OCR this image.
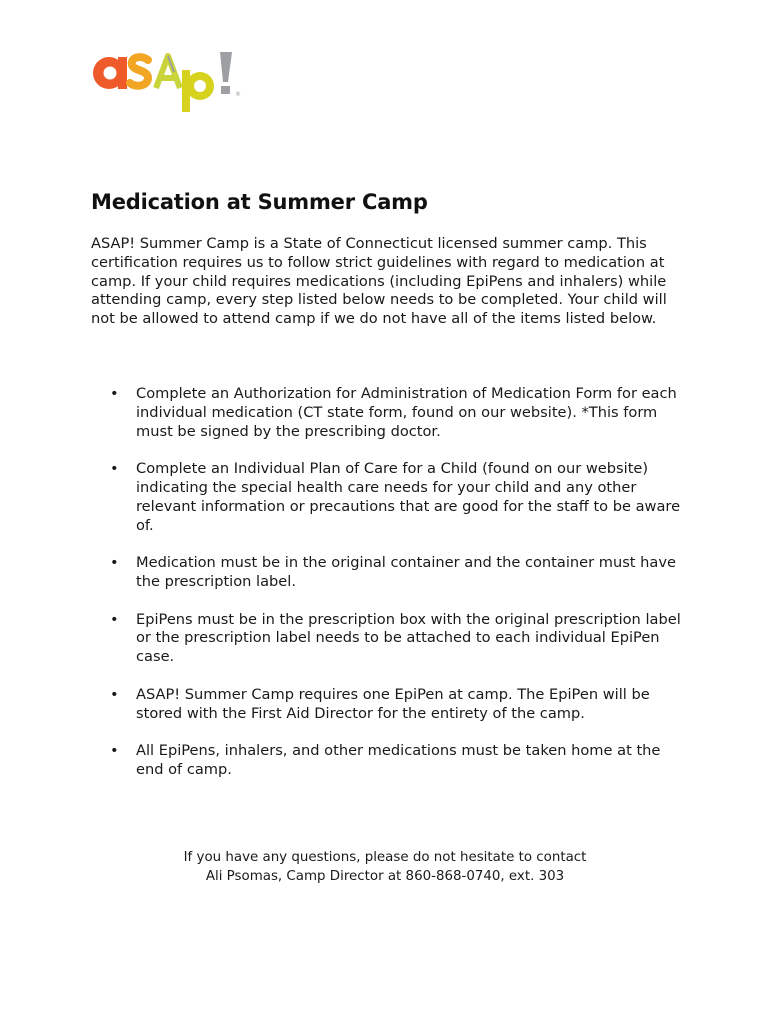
®
Medication at Summer Camp

ASAP! Summer Camp is a State of Connecticut licensed summer camp. This certification requires us to follow strict guidelines with regard to medication at camp. If your child requires medications (including EpiPens and inhalers) while attending camp, every step listed below needs to be completed. Your child will not be allowed to attend camp if we do not have all of the items listed below.

• Complete an Authorization for Administration of Medication Form for each individual medication (CT state form, found on our website). *This form must be signed by the prescribing doctor.
• Complete an Individual Plan of Care for a Child (found on our website) indicating the special health care needs for your child and any other relevant information or precautions that are good for the staff to be aware of.
• Medication must be in the original container and the container must have the prescription label.
• EpiPens must be in the prescription box with the original prescription label or the prescription label needs to be attached to each individual EpiPen case.
• ASAP! Summer Camp requires one EpiPen at camp. The EpiPen will be stored with the First Aid Director for the entirety of the camp.
• All EpiPens, inhalers, and other medications must be taken home at the end of camp.
If you have any questions, please do not hesitate to contact
Ali Psomas, Camp Director at 860-868-0740, ext. 303
